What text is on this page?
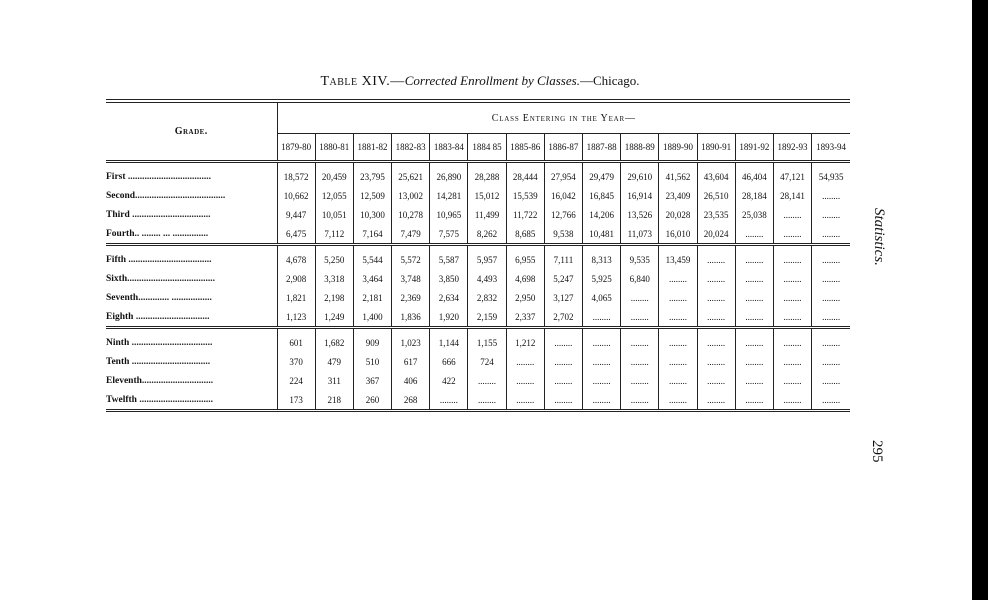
Table XIV.—Corrected Enrollment by Classes.—Chicago.
Grade.	Class Entering in the Year—														
	1879-80	1880-81	1881-82	1882-83	1883-84	1884 85	1885-86	1886-87	1887-88	1888-89	1889-90	1890-91	1891-92	1892-93	1893-94
First ...................................	18,572	20,459	23,795	25,621	26,890	28,288	28,444	27,954	29,479	29,610	41,562	43,604	46,404	47,121	54,935
Second......................................	10,662	12,055	12,509	13,002	14,281	15,012	15,539	16,042	16,845	16,914	23,409	26,510	28,184	28,141	........
Third .................................	9,447	10,051	10,300	10,278	10,965	11,499	11,722	12,766	14,206	13,526	20,028	23,535	25,038	........	........
Fourth.. ........ ... ...............	6,475	7,112	7,164	7,479	7,575	8,262	8,685	9,538	10,481	11,073	16,010	20,024	........	........	........
Fifth ...................................	4,678	5,250	5,544	5,572	5,587	5,957	6,955	7,111	8,313	9,535	13,459	........	........	........	........
Sixth.....................................	2,908	3,318	3,464	3,748	3,850	4,493	4,698	5,247	5,925	6,840	........	........	........	........	........
Seventh............. .................	1,821	2,198	2,181	2,369	2,634	2,832	2,950	3,127	4,065	........	........	........	........	........	........
Eighth ...............................	1,123	1,249	1,400	1,836	1,920	2,159	2,337	2,702	........	........	........	........	........	........	........
Ninth ..................................	601	1,682	909	1,023	1,144	1,155	1,212	........	........	........	........	........	........	........	........
Tenth .................................	370	479	510	617	666	724	........	........	........	........	........	........	........	........	........
Eleventh..............................	224	311	367	406	422	........	........	........	........	........	........	........	........	........	........
Twelfth ...............................	173	218	260	268	........	........	........	........	........	........	........	........	........	........	........
Statistics.
295
